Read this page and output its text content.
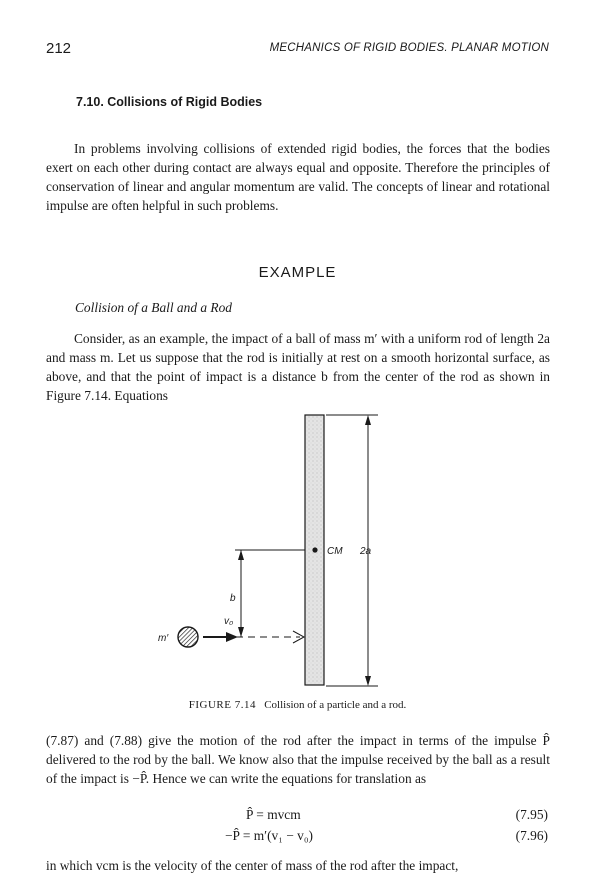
212	MECHANICS OF RIGID BODIES. PLANAR MOTION
7.10. Collisions of Rigid Bodies

In problems involving collisions of extended rigid bodies, the forces that the bodies exert on each other during contact are always equal and opposite. Therefore the principles of conservation of linear and angular momentum are valid. The concepts of linear and rotational impulse are often helpful in such problems.

EXAMPLE
Collision of a Ball and a Rod

Consider, as an example, the impact of a ball of mass m′ with a uniform rod of length 2a and mass m. Let us suppose that the rod is initially at rest on a smooth horizontal surface, as above, and that the point of impact is a distance b from the center of the rod as shown in Figure 7.14. Equations

CM 2a
b
v₀
m′
FIGURE 7.14 Collision of a particle and a rod.

(7.87) and (7.88) give the motion of the rod after the impact in terms of the impulse P̂ delivered to the rod by the ball. We know also that the impulse received by the ball as a result of the impact is −P̂. Hence we can write the equations for translation as

P̂ = mvcm	(7.95)
−P̂ = m′(v₁ − v₀)	(7.96)

in which vcm is the velocity of the center of mass of the rod after the impact,
